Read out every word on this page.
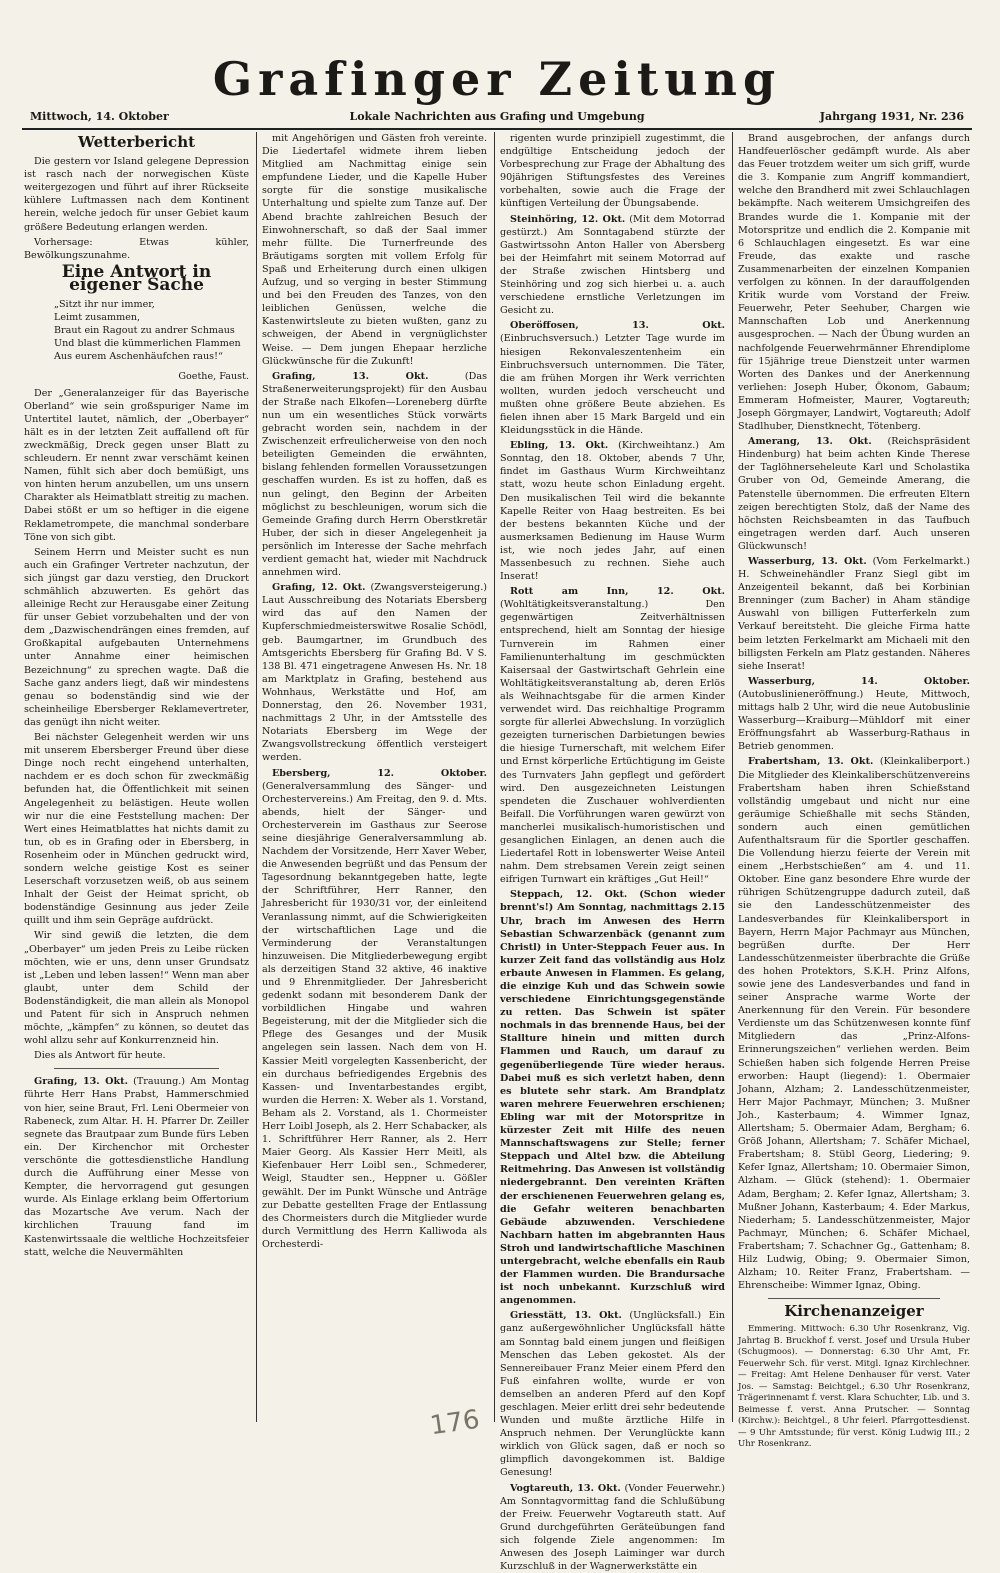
Grafinger Zeitung
Mittwoch, 14. Oktober	Lokale Nachrichten aus Grafing und Umgebung	Jahrgang 1931, Nr. 236
Wetterbericht

Die gestern vor Island gelegene Depression ist rasch nach der norwegischen Küste weitergezogen und führt auf ihrer Rückseite kühlere Luftmassen nach dem Kontinent herein, welche jedoch für unser Gebiet kaum größere Bedeutung erlangen werden.

Vorhersage: Etwas kühler, Bewölkungszunahme.

Eine Antwort in eigener Sache
„Sitzt ihr nur immer,
Leimt zusammen,
Braut ein Ragout zu andrer Schmaus
Und blast die kümmerlichen Flammen
Aus eurem Aschenhäufchen raus!“
Goethe, Faust.

Der „Generalanzeiger für das Bayerische Oberland“ wie sein großspuriger Name im Untertitel lautet, nämlich, der „Oberbayer“ hält es in der letzten Zeit auffallend oft für zweckmäßig, Dreck gegen unser Blatt zu schleudern. Er nennt zwar verschämt keinen Namen, fühlt sich aber doch bemüßigt, uns von hinten herum anzubellen, um uns unsern Charakter als Heimatblatt streitig zu machen. Dabei stößt er um so heftiger in die eigene Reklametrompete, die manchmal sonderbare Töne von sich gibt.

Seinem Herrn und Meister sucht es nun auch ein Grafinger Vertreter nachzutun, der sich jüngst gar dazu verstieg, den Druckort schmählich abzuwerten. Es gehört das alleinige Recht zur Herausgabe einer Zeitung für unser Gebiet vorzubehalten und der von dem „Dazwischendrängen eines fremden, auf Großkapital aufgebauten Unternehmens unter Annahme einer heimischen Bezeichnung“ zu sprechen wagte. Daß die Sache ganz anders liegt, daß wir mindestens genau so bodenständig sind wie der scheinheilige Ebersberger Reklamevertreter, das genügt ihn nicht weiter.

Bei nächster Gelegenheit werden wir uns mit unserem Ebersberger Freund über diese Dinge noch recht eingehend unterhalten, nachdem er es doch schon für zweckmäßig befunden hat, die Öffentlichkeit mit seinen Angelegenheit zu belästigen. Heute wollen wir nur die eine Feststellung machen: Der Wert eines Heimatblattes hat nichts damit zu tun, ob es in Grafing oder in Ebersberg, in Rosenheim oder in München gedruckt wird, sondern welche geistige Kost es seiner Leserschaft vorzusetzen weiß, ob aus seinem Inhalt der Geist der Heimat spricht, ob bodenständige Gesinnung aus jeder Zeile quillt und ihm sein Gepräge aufdrückt.

Wir sind gewiß die letzten, die dem „Oberbayer“ um jeden Preis zu Leibe rücken möchten, wie er uns, denn unser Grundsatz ist „Leben und leben lassen!“ Wenn man aber glaubt, unter dem Schild der Bodenständigkeit, die man allein als Monopol und Patent für sich in Anspruch nehmen möchte, „kämpfen“ zu können, so deutet das wohl allzu sehr auf Konkurrenzneid hin.

Dies als Antwort für heute.

Grafing, 13. Okt. (Trauung.) Am Montag führte Herr Hans Prabst, Hammerschmied von hier, seine Braut, Frl. Leni Obermeier von Rabeneck, zum Altar. H. H. Pfarrer Dr. Zeiller segnete das Brautpaar zum Bunde fürs Leben ein. Der Kirchenchor mit Orchester verschönte die gottesdienstliche Handlung durch die Aufführung einer Messe von Kempter, die hervorragend gut gesungen wurde. Als Einlage erklang beim Offertorium das Mozartsche Ave verum. Nach der kirchlichen Trauung fand im Kastenwirtssaale die weltliche Hochzeitsfeier statt, welche die Neuvermählten

mit Angehörigen und Gästen froh vereinte. Die Liedertafel widmete ihrem lieben Mitglied am Nachmittag einige sein empfundene Lieder, und die Kapelle Huber sorgte für die sonstige musikalische Unterhaltung und spielte zum Tanze auf. Der Abend brachte zahlreichen Besuch der Einwohnerschaft, so daß der Saal immer mehr füllte. Die Turnerfreunde des Bräutigams sorgten mit vollem Erfolg für Spaß und Erheiterung durch einen ulkigen Aufzug, und so verging in bester Stimmung und bei den Freuden des Tanzes, von den leiblichen Genüssen, welche die Kastenwirtsleute zu bieten wußten, ganz zu schweigen, der Abend in vergnüglichster Weise. — Dem jungen Ehepaar herzliche Glückwünsche für die Zukunft!

Grafing, 13. Okt.	(Das Straßenerweiterungsprojekt) für den Ausbau der Straße nach Elkofen—Loreneberg dürfte nun um ein wesentliches Stück vorwärts gebracht worden sein, nachdem in der Zwischenzeit erfreulicherweise von den noch beteiligten Gemeinden die erwähnten, bislang fehlenden formellen Voraussetzungen geschaffen wurden. Es ist zu hoffen, daß es nun gelingt, den Beginn der Arbeiten möglichst zu beschleunigen, worum sich die Gemeinde Grafing durch Herrn Oberstkretär Huber, der sich in dieser Angelegenheit ja persönlich im Interesse der Sache mehrfach verdient gemacht hat, wieder mit Nachdruck annehmen wird.

Grafing, 12. Okt. (Zwangsversteigerung.) Laut Ausschreibung des Notariats Ebersberg wird das auf den Namen der Kupferschmiedmeisterswitwe Rosalie Schödl, geb. Baumgartner, im Grundbuch des Amtsgerichts Ebersberg für Grafing Bd. V S. 138 Bl. 471 eingetragene Anwesen Hs. Nr. 18 am Marktplatz in Grafing, bestehend aus Wohnhaus, Werkstätte und Hof, am Donnerstag, den 26. November 1931, nachmittags 2 Uhr, in der Amtsstelle des Notariats Ebersberg im Wege der Zwangsvollstreckung öffentlich versteigert werden.

Ebersberg, 12. Oktober. (Generalversammlung des Sänger- und Orchestervereins.) Am Freitag, den 9. d. Mts. abends, hielt der Sänger- und Orchesterverein im Gasthaus zur Seerose seine diesjährige Generalversammlung ab. Nachdem der Vorsitzende, Herr Xaver Weber, die Anwesenden begrüßt und das Pensum der Tagesordnung bekanntgegeben hatte, legte der Schriftführer, Herr Ranner, den Jahresbericht für 1930/31 vor, der einleitend Veranlassung nimmt, auf die Schwierigkeiten der wirtschaftlichen Lage und die Verminderung der Veranstaltungen hinzuweisen. Die Mitgliederbewegung ergibt als derzeitigen Stand 32 aktive, 46 inaktive und 9 Ehrenmitglieder. Der Jahresbericht gedenkt sodann mit besonderem Dank der vorbildlichen Hingabe und wahren Begeisterung, mit der die Mitglieder sich die Pflege des Gesanges und der Musik angelegen sein lassen. Nach dem von H. Kassier Meitl vorgelegten Kassenbericht, der ein durchaus befriedigendes Ergebnis des Kassen- und Inventarbestandes ergibt, wurden die Herren: X. Weber als 1. Vorstand, Beham als 2. Vorstand, als 1. Chormeister Herr Loibl Joseph, als 2. Herr Schabacker, als 1. Schriftführer Herr Ranner, als 2. Herr Maier Georg. Als Kassier Herr Meitl, als Kiefenbauer Herr Loibl sen., Schmederer, Weigl, Staudter sen., Heppner u. Gößler gewählt. Der im Punkt Wünsche und Anträge zur Debatte gestellten Frage der Entlassung des Chormeisters durch die Mitglieder wurde durch Vermittlung des Herrn Kalliwoda als Orchesterdi-

rigenten wurde prinzipiell zugestimmt, die endgültige Entscheidung jedoch der Vorbesprechung zur Frage der Abhaltung des 90jährigen Stiftungsfestes des Vereines vorbehalten, sowie auch die Frage der künftigen Verteilung der Übungsabende.

Steinhöring, 12. Okt. (Mit dem Motorrad gestürzt.) Am Sonntagabend stürzte der Gastwirtssohn Anton Haller von Abersberg bei der Heimfahrt mit seinem Motorrad auf der Straße zwischen Hintsberg und Steinhöring und zog sich hierbei u. a. auch verschiedene ernstliche Verletzungen im Gesicht zu.

Oberöffosen, 13. Okt. (Einbruchsversuch.) Letzter Tage wurde im hiesigen Rekonvaleszentenheim ein Einbruchsversuch unternommen. Die Täter, die am frühen Morgen ihr Werk verrichten wollten, wurden jedoch verscheucht und mußten ohne größere Beute abziehen. Es fielen ihnen aber 15 Mark Bargeld und ein Kleidungsstück in die Hände.

Ebling, 13. Okt. (Kirchweihtanz.) Am Sonntag, den 18. Oktober, abends 7 Uhr, findet im Gasthaus Wurm Kirchweihtanz statt, wozu heute schon Einladung ergeht. Den musikalischen Teil wird die bekannte Kapelle Reiter von Haag bestreiten. Es bei der bestens bekannten Küche und der ausmerksamen Bedienung im Hause Wurm ist, wie noch jedes Jahr, auf einen Massenbesuch zu rechnen. Siehe auch Inserat!

Rott am Inn, 12. Okt. (Wohltätigkeitsveranstaltung.)	Den gegenwärtigen Zeitverhältnissen entsprechend, hielt am Sonntag der hiesige Turnverein im Rahmen einer Familienunterhaltung im geschmückten Kaisersaal der Gastwirtschaft Gehrlein eine Wohltätigkeitsveranstaltung ab, deren Erlös als Weihnachtsgabe für die armen Kinder verwendet wird. Das reichhaltige Programm sorgte für allerlei Abwechslung. In vorzüglich gezeigten turnerischen Darbietungen bewies die hiesige Turnerschaft, mit welchem Eifer und Ernst körperliche Ertüchtigung im Geiste des Turnvaters Jahn gepflegt und gefördert wird. Den ausgezeichneten Leistungen spendeten die Zuschauer wohlverdienten Beifall. Die Vorführungen waren gewürzt von mancherlei musikalisch-humoristischen und gesanglichen Einlagen, an denen auch die Liedertafel Rott in lobenswerter Weise Anteil nahm. Dem strebsamen Verein zeigt seinen eifrigen Turnwart ein kräftiges „Gut Heil!“

Steppach, 12. Okt. (Schon wieder brennt's!) Am Sonntag, nachmittags 2.15 Uhr, brach im Anwesen des Herrn Sebastian Schwarzenbäck (genannt zum Christl) in Unter-Steppach Feuer aus. In kurzer Zeit fand das vollständig aus Holz erbaute Anwesen in Flammen. Es gelang, die einzige Kuh und das Schwein sowie verschiedene Einrichtungsgegenstände zu retten. Das Schwein ist später nochmals in das brennende Haus, bei der Stallture hinein und mitten durch Flammen und Rauch, um darauf zu gegenüberliegende Türe wieder heraus. Dabei muß es sich verletzt haben, denn es blutete sehr stark. Am Brandplatz waren mehrere Feuerwehren erschienen; Ebling war mit der Motorspritze in kürzester Zeit mit Hilfe des neuen Mannschaftswagens zur Stelle; ferner Steppach und Altel bzw. die Abteilung Reitmehring. Das Anwesen ist vollständig niedergebrannt. Den vereinten Kräften der erschienenen Feuerwehren gelang es, die Gefahr weiteren benachbarten Gebäude abzuwenden. Verschiedene Nachbarn hatten im abgebrannten Haus Stroh und landwirtschaftliche Maschinen untergebracht, welche ebenfalls ein Raub der Flammen wurden. Die Brandursache ist noch unbekannt. Kurzschluß wird angenommen.

Griesstätt, 13. Okt. (Unglücksfall.) Ein ganz außergewöhnlicher Unglücksfall hätte am Sonntag bald einem jungen und fleißigen Menschen das Leben gekostet. Als der Sennereibauer Franz Meier einem Pferd den Fuß einfahren wollte, wurde er von demselben an anderen Pferd auf den Kopf geschlagen. Meier erlitt drei sehr bedeutende Wunden und mußte ärztliche Hilfe in Anspruch nehmen. Der Verunglückte kann wirklich von Glück sagen, daß er noch so glimpflich davongekommen ist. Baldige Genesung!

Vogtareuth, 13. Okt. (Vonder Feuerwehr.) Am Sonntagvormittag fand die Schlußübung der Freiw. Feuerwehr Vogtareuth statt. Auf Grund durchgeführten Geräteübungen fand sich folgende Ziele angenommen: Im Anwesen des Joseph Laiminger war durch Kurzschluß in der Wagnerwerkstätte ein

Brand ausgebrochen, der anfangs durch Handfeuerlöscher gedämpft wurde. Als aber das Feuer trotzdem weiter um sich griff, wurde die 3. Kompanie zum Angriff kommandiert, welche den Brandherd mit zwei Schlauchlagen bekämpfte. Nach weiterem Umsichgreifen des Brandes wurde die 1. Kompanie mit der Motorspritze und endlich die 2. Kompanie mit 6 Schlauchlagen eingesetzt. Es war eine Freude, das exakte und rasche Zusammenarbeiten der einzelnen Kompanien verfolgen zu können. In der darauffolgenden Kritik wurde vom Vorstand der Freiw. Feuerwehr, Peter Seehuber, Chargen wie Mannschaften Lob und Anerkennung ausgesprochen. — Nach der Übung wurden an nachfolgende Feuerwehrmänner Ehrendiplome für 15jährige treue Dienstzeit unter warmen Worten des Dankes und der Anerkennung verliehen: Joseph Huber, Ökonom, Gabaum; Emmeram Hofmeister, Maurer, Vogtareuth; Joseph Görgmayer, Landwirt, Vogtareuth; Adolf Stadlhuber, Dienstknecht, Tötenberg.

Amerang, 13. Okt. (Reichspräsident Hindenburg) hat beim achten Kinde Therese der Taglöhnerseheleute Karl und Scholastika Gruber von Od, Gemeinde Amerang, die Patenstelle übernommen. Die erfreuten Eltern zeigen berechtigten Stolz, daß der Name des höchsten Reichsbeamten in das Taufbuch eingetragen werden darf. Auch unseren Glückwunsch!

Wasserburg, 13. Okt. (Vom Ferkelmarkt.) H. Schweinehändler Franz Siegl gibt im Anzeigenteil bekannt, daß bei Korbinian Brenninger (zum Bacher) in Aham ständige Auswahl von billigen Futterferkeln zum Verkauf bereitsteht. Die gleiche Firma hatte beim letzten Ferkelmarkt am Michaeli mit den billigsten Ferkeln am Platz gestanden. Näheres siehe Inserat!

Wasserburg, 14. Oktober. (Autobuslinieneröffnung.) Heute, Mittwoch, mittags halb 2 Uhr, wird die neue Autobuslinie Wasserburg—Kraiburg—Mühldorf mit einer Eröffnungsfahrt ab Wasserburg-Rathaus in Betrieb genommen.

Frabertsham, 13. Okt. (Kleinkaliberport.) Die Mitglieder des Kleinkaliberschützenvereins Frabertsham haben ihren Schießstand vollständig umgebaut und nicht nur eine geräumige Schießhalle mit sechs Ständen, sondern auch einen gemütlichen Aufenthaltsraum für die Sportler geschaffen. Die Vollendung hierzu feierte der Verein mit einem „Herbstschießen“ am 4. und 11. Oktober. Eine ganz besondere Ehre wurde der rührigen Schützengruppe dadurch zuteil, daß sie den Landesschützenmeister des Landesverbandes für Kleinkalibersport in Bayern, Herrn Major Pachmayr aus München, begrüßen durfte. Der Herr Landesschützenmeister überbrachte die Grüße des hohen Protektors, S.K.H. Prinz Alfons, sowie jene des Landesverbandes und fand in seiner Ansprache warme Worte der Anerkennung für den Verein. Für besondere Verdienste um das Schützenwesen konnte fünf Mitgliedern das „Prinz-Alfons-Erinnerungszeichen“ verliehen werden. Beim Schießen haben sich folgende Herren Preise erworben: Haupt (liegend): 1. Obermaier Johann, Alzham; 2. Landesschützenmeister, Herr Major Pachmayr, München; 3. Mußner Joh., Kasterbaum; 4. Wimmer Ignaz, Allertsham; 5. Obermaier Adam, Bergham; 6. Größ Johann, Allertsham; 7. Schäfer Michael, Frabertsham; 8. Stübl Georg, Liedering; 9. Kefer Ignaz, Allertsham; 10. Obermaier Simon, Alzham. — Glück (stehend): 1. Obermaier Adam, Bergham; 2. Kefer Ignaz, Allertsham; 3. Mußner Johann, Kasterbaum; 4. Eder Markus, Niederham; 5. Landesschützenmeister, Major Pachmayr, München; 6. Schäfer Michael, Frabertsham; 7. Schachner Gg., Gattenham; 8. Hilz Ludwig, Obing; 9. Obermaier Simon, Alzham; 10. Reiter Franz, Frabertsham. — Ehrenscheibe: Wimmer Ignaz, Obing.

Kirchenanzeiger

Emmering. Mittwoch: 6.30 Uhr Rosenkranz, Vig. Jahrtag B. Bruckhof f. verst. Josef und Ursula Huber (Schugmoos). — Donnerstag: 6.30 Uhr Amt, Fr. Feuerwehr Sch. für verst. Mitgl. Ignaz Kirchlechner. — Freitag: Amt Helene Denhauser für verst. Vater Jos. — Samstag: Beichtgel.; 6.30 Uhr Rosenkranz, Trägerinnenamt f. verst. Klara Schuchter, Lib. und 3. Beimesse f. verst. Anna Prutscher. — Sonntag (Kirchw.): Beichtgel., 8 Uhr feierl. Pfarrgottesdienst. — 9 Uhr Amtsstunde; für verst. König Ludwig III.; 2 Uhr Rosenkranz.

176
